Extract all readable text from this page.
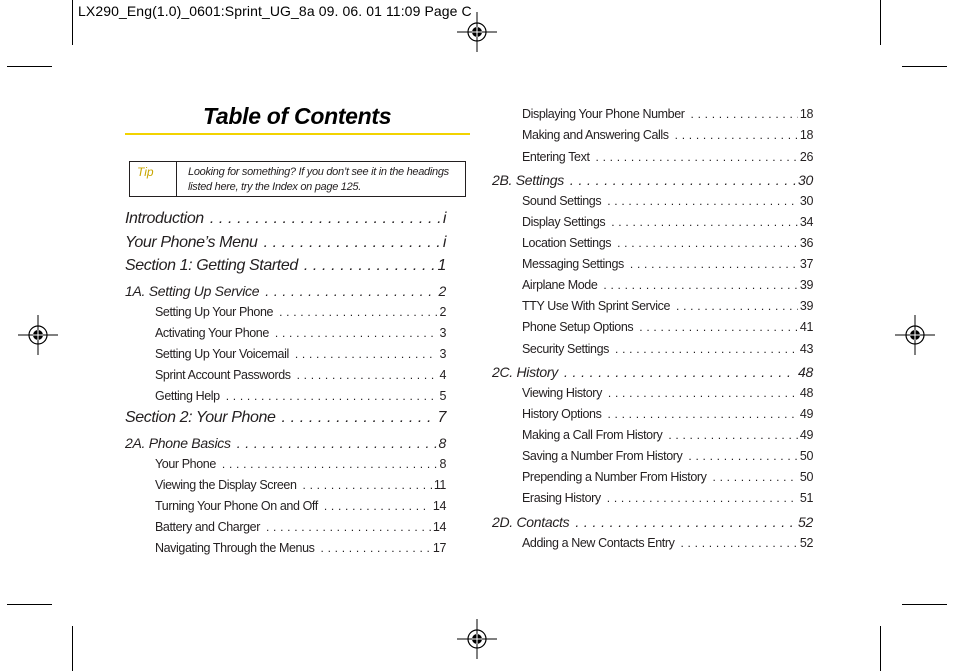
LX290_Eng(1.0)_0601:Sprint_UG_8a 09. 06. 01 11:09 Page C
Table of Contents
Tip	Looking for something? If you don’t see it in the headings listed here, try the Index on page 125.
Introduction . . .	i
Your Phone’s Menu . . .	i
Section 1: Getting Started . . .	1
1A. Setting Up Service . . .	2
Setting Up Your Phone . . .	2
Activating Your Phone . . .	3
Setting Up Your Voicemail . . .	3
Sprint Account Passwords . . .	4
Getting Help . . .	5
Section 2: Your Phone . . .	7
2A. Phone Basics . . .	8
Your Phone . . .	8
Viewing the Display Screen . . .	11
Turning Your Phone On and Off . . .	14
Battery and Charger . . .	14
Navigating Through the Menus . . .	17
Displaying Your Phone Number . . .	18
Making and Answering Calls . . .	18
Entering Text . . .	26
2B. Settings . . .	30
Sound Settings . . .	30
Display Settings . . .	34
Location Settings . . .	36
Messaging Settings . . .	37
Airplane Mode . . .	39
TTY Use With Sprint Service . . .	39
Phone Setup Options . . .	41
Security Settings . . .	43
2C. History . . .	48
Viewing History . . .	48
History Options . . .	49
Making a Call From History . . .	49
Saving a Number From History . . .	50
Prepending a Number From History . . .	50
Erasing History . . .	51
2D. Contacts . . .	52
Adding a New Contacts Entry . . .	52
